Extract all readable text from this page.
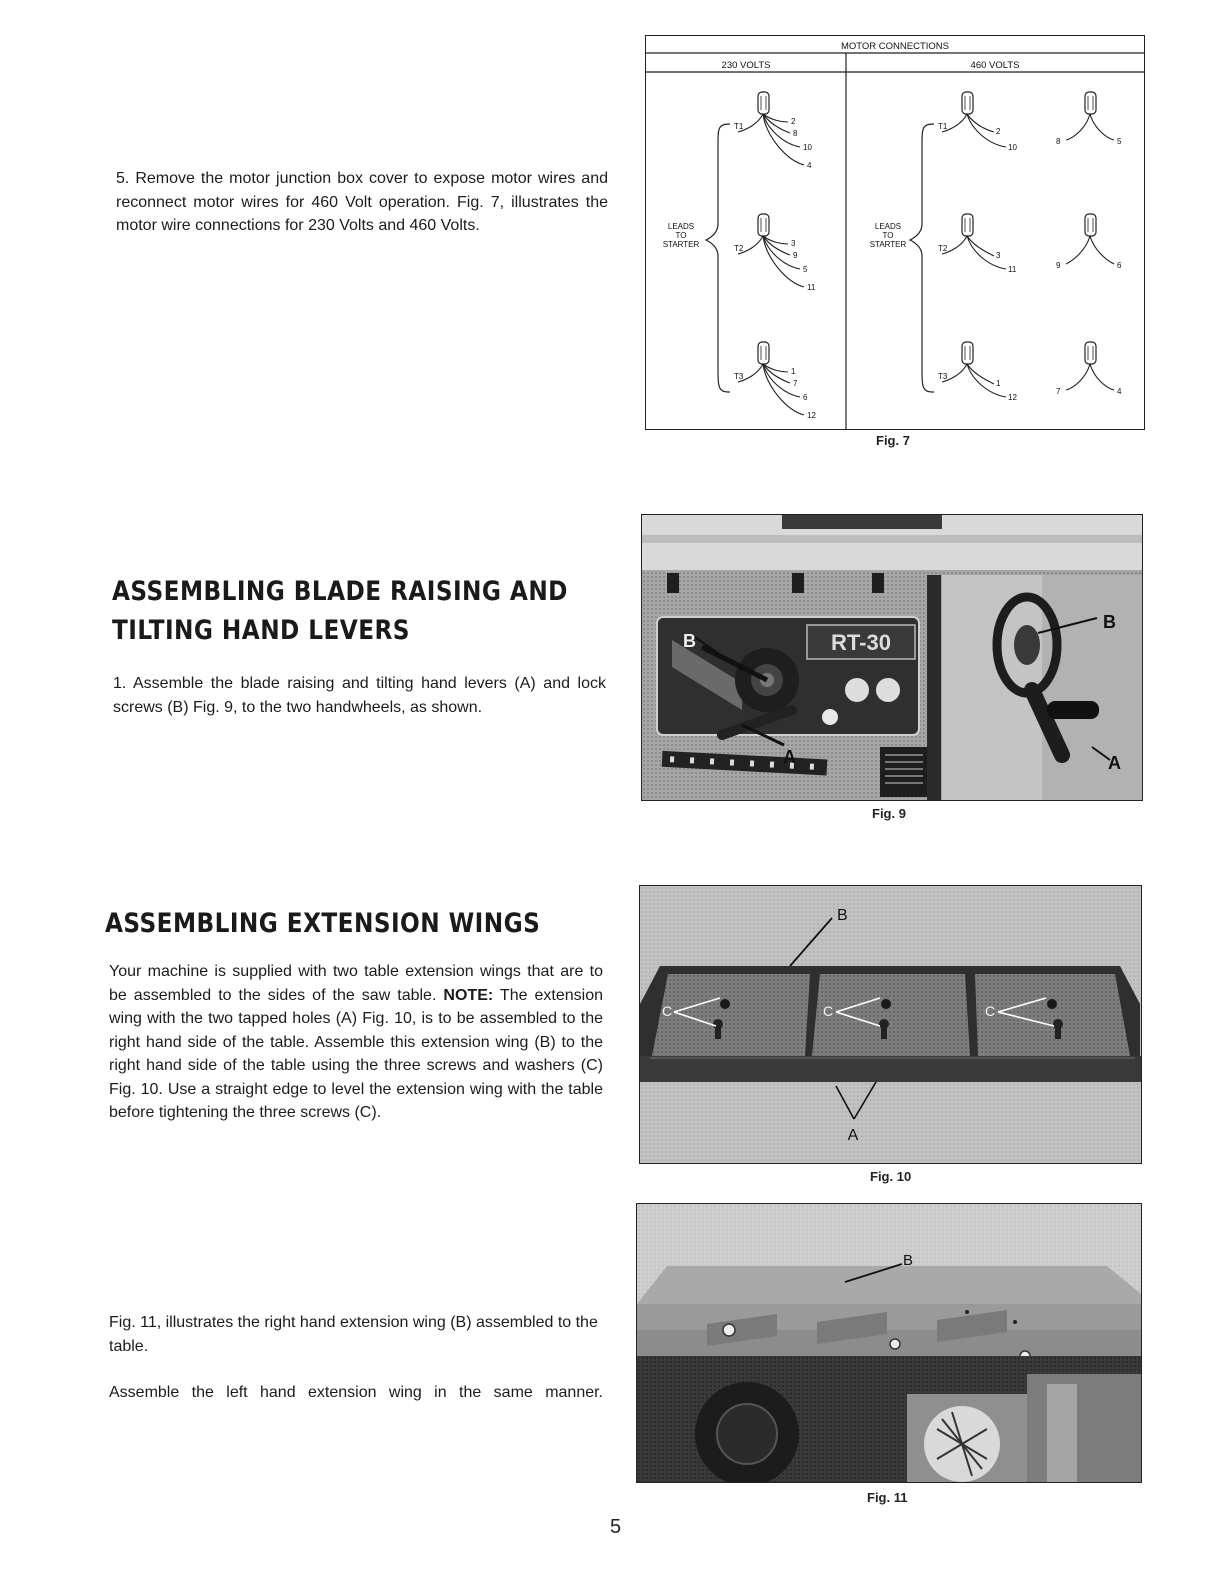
5. Remove the motor junction box cover to expose motor wires and reconnect motor wires for 460 Volt operation. Fig. 7, illustrates the motor wire connections for 230 Volts and 460 Volts.
MOTOR CONNECTIONS
230 VOLTS	460 VOLTS
LEADS
TO
STARTER
LEADS
TO
STARTER
T1
2
8
10
4
T2
3
9
5
11
T3
1
7
6
12
T1
2
10
T2
3
11
T3
1
12
8	5
9	6
7	4
Fig. 7
ASSEMBLING BLADE RAISING AND
TILTING HAND LEVERS
1. Assemble the blade raising and tilting hand levers (A) and lock screws (B) Fig. 9, to the two handwheels, as shown.
RT-30
A
B
B
A
Fig. 9
ASSEMBLING EXTENSION WINGS
Your machine is supplied with two table extension wings that are to be assembled to the sides of the saw table. NOTE: The extension wing with the two tapped holes (A) Fig. 10, is to be assembled to the right hand side of the table. Assemble this extension wing (B) to the right hand side of the table using the three screws and washers (C) Fig. 10. Use a straight edge to level the extension wing with the table before tightening the three screws (C).
B
C	C	C
A
Fig. 10
Fig. 11, illustrates the right hand extension wing (B) assembled to the table.
Assemble the left hand extension wing in the same manner.
B
Fig. 11
5
